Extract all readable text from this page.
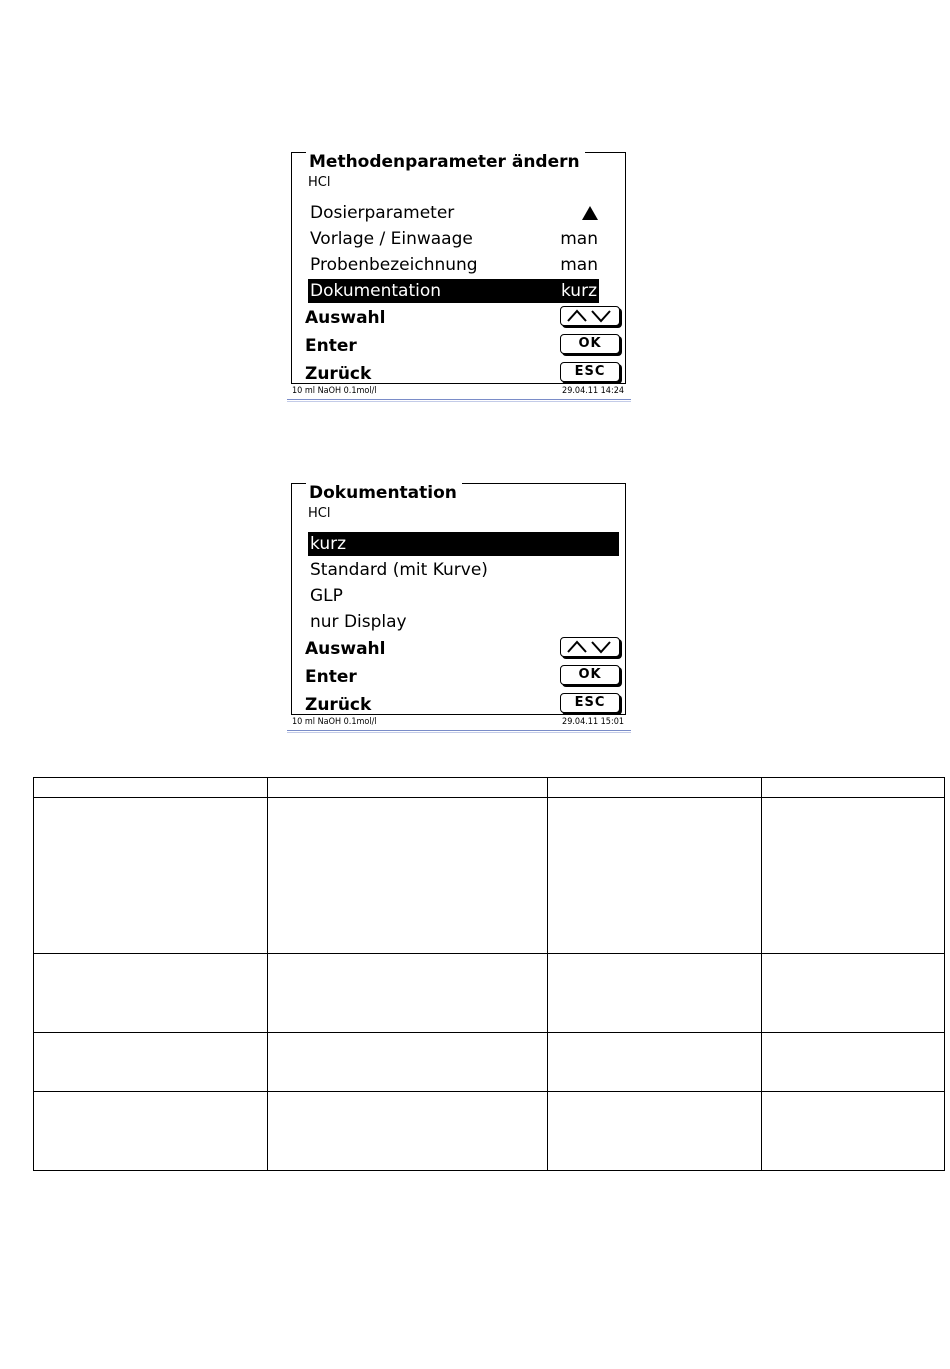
Methodenparameter ändern
HCl
Dosierparameter
Vorlage / Einwaage	man
Probenbezeichnung	man
Dokumentation	kurz
Auswahl
Enter	OK
Zurück	ESC
10 ml NaOH 0.1mol/l	29.04.11 14:24
Dokumentation
HCl
kurz
Standard (mit Kurve)
GLP
nur Display
Auswahl
Enter	OK
Zurück	ESC
10 ml NaOH 0.1mol/l	29.04.11 15:01
